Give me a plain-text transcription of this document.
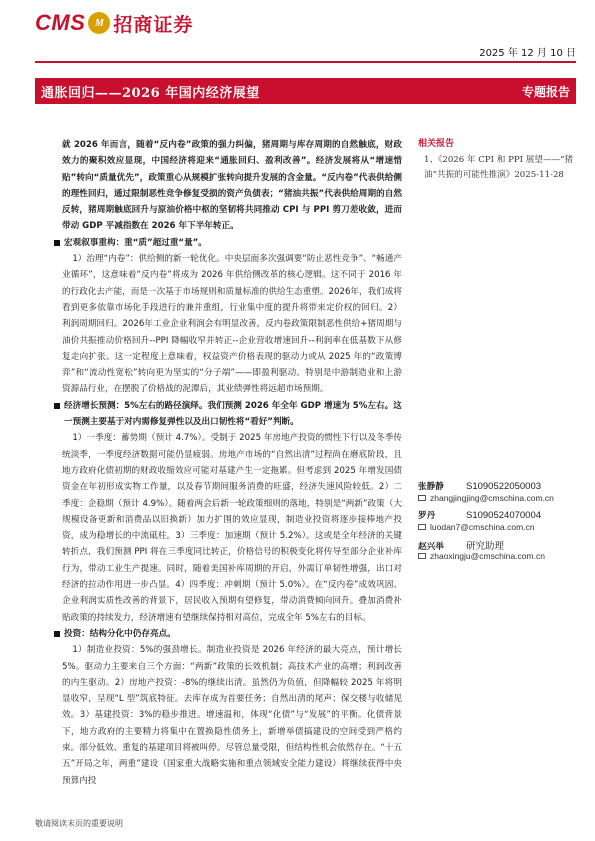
CMS M 招商证券
2025 年 12 月 10 日
通胀回归——2026 年国内经济展望	专题报告

就 2026 年而言，随着“反内卷”政策的强力纠偏，猪周期与库存周期的自然触底，财政效力的聚积效应显现，中国经济将迎来“通胀回归、盈利改善”。经济发展将从“增速惜贴”转向“质量优先”，政策重心从规模扩张转向提升发展的含金量。“反内卷”代表供给侧的理性回归，通过限制恶性竞争修复受损的资产负债表；“猪油共振”代表供给周期的自然反转，猪周期触底回升与原油价格中枢的坚韧将共同推动 CPI 与 PPI 剪刀差收敛，进而带动 GDP 平减指数在 2026 年下半年转正。

宏观叙事重构：重“质”超过重“量”。

1）治理“内卷”：供给侧的新一轮优化。中央层面多次强调要“防止恶性竞争”、“畅通产业循环”，这意味着“反内卷”将成为 2026 年供给侧改革的核心逻辑。这不同于 2016 年的行政化去产能，而是一次基于市场规则和质量标准的供给生态重塑。2026年，我们成将看到更多依靠市场化手段进行的兼并重组，行业集中度的提升将带来定价权的回归。2）利润周期回归。2026年工业企业利润会有明显改善，反内卷政策限制恶性供给+猪周期与油价共振推动价格回升--PPI 降幅收窄并转正--企业营收增速回升--利润率在低基数下从修复走向扩张。这一定程度上意味着，权益资产价格表现的驱动力或从 2025 年的“政策博弈”和“流动性宽松”转向更为坚实的“分子端”——即盈利驱动。特别是中游制造业和上游资源品行业，在摆脱了价格战的泥潭后，其业绩弹性将远超市场预期。

经济增长预测：5%左右的路径演绎。我们预测 2026 年全年 GDP 增速为 5%左右。这一预测主要基于对内需修复弹性以及出口韧性将“看好”判断。

1）一季度：蓄势期（预计 4.7%）。受制于 2025 年房地产投资的惯性下行以及冬季传统淡季，一季度经济数据可能仍显疲弱。房地产市场的“自然出清”过程尚在磨底阶段，且地方政府化债初期的财政收缩效应可能对基建产生一定拖累。但考虑到 2025 年增发国债资金在年初形成实物工作量，以及春节期间服务消费的旺盛，经济失速风险较低。2）二季度：企稳期（预计 4.9%）。随着两会后新一轮政策细则的落地，特别是“两新”政策（大规模设备更新和消费品以旧换新）加力扩围的效应显现，制造业投资将逐步接棒地产投资，成为稳增长的中流砥柱。3）三季度：加速期（预计 5.2%）。这或是全年经济的关键转折点，我们预测 PPI 将在三季度同比转正，价格信号的积极变化将传导至部分企业补库行为，带动工业生产提速。同时，随着美国补库周期的开启，外需订单韧性增强，出口对经济的拉动作用进一步凸显。4）四季度：冲刺期（预计 5.0%）。在“反内卷”成效巩固、企业利润实质性改善的背景下，居民收入预期有望修复，带动消费倾向回升。叠加消费补贴政策的持续发力，经济增速有望继续保持相对高位，完成全年 5%左右的目标。

投资：结构分化中仍存亮点。

1）制造业投资：5%的强劲增长。制造业投资是 2026 年经济的最大亮点，预计增长 5%。驱动力主要来自三个方面：“两新”政策的长效机制；高技术产业的高增；利润改善的内生驱动。2）房地产投资：-8%的继续出清。虽然仍为负值，但降幅较 2025 年将明显收窄，呈现“L 型”筑底特征。去库存成为首要任务；自然出清的尾声；保交楼与收储见效。3）基建投资：3%的稳步推进。增速温和，体现“化债”与“发展”的平衡。化债背景下，地方政府的主要精力将集中在置换隐性债务上，新增举债搞建设的空间受到严格约束。部分低效、重复的基建项目将被叫停。尽管总量受限，但结构性机会依然存在。“十五五”开局之年，两重”建设（国家重大战略实施和重点领域安全能力建设）将继续获得中央预算内投

相关报告
1、《2026 年 CPI 和 PPI 展望——“猪油”共振的可能性推演》2025-11-28
张静静	S1090522050003
zhangjingjing@cmschina.com.cn
罗丹	S1090524070004
luodan7@cmschina.com.cn
赵兴举	研究助理
zhaoxingju@cmschina.com.cn
敬请阅读末页的重要说明
